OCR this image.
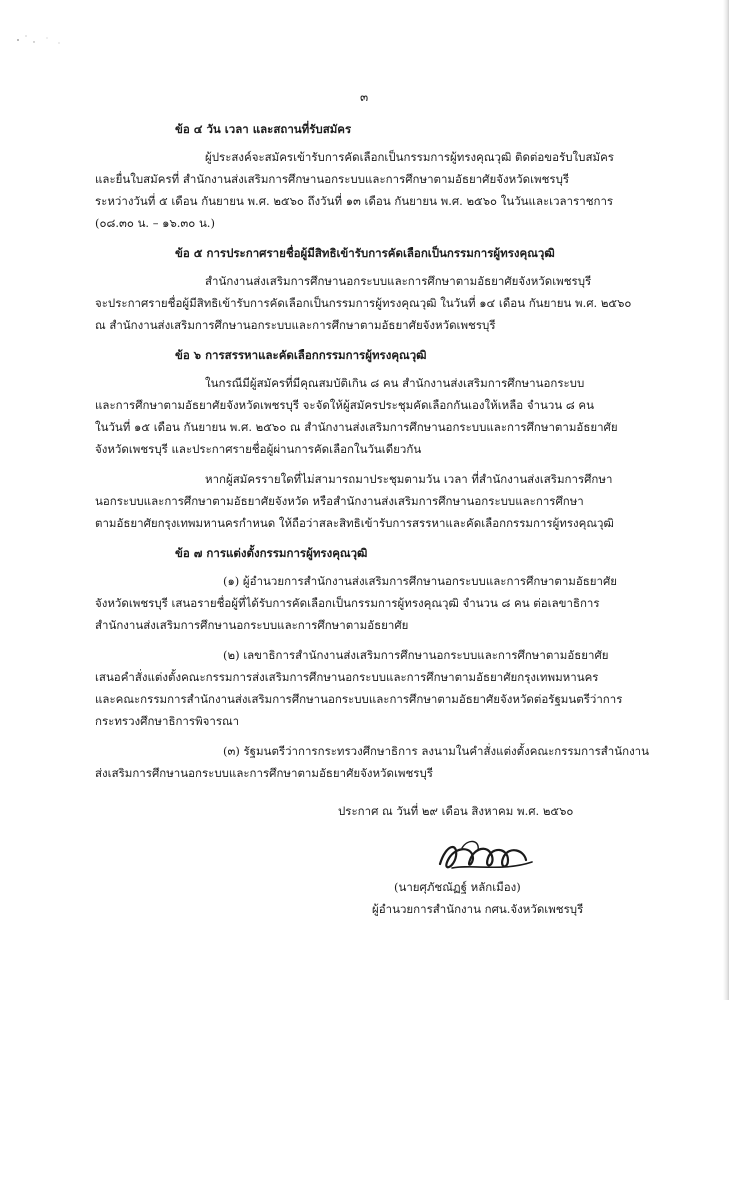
๓
ข้อ ๔ วัน เวลา และสถานที่รับสมัคร
ผู้ประสงค์จะสมัครเข้ารับการคัดเลือกเป็นกรรมการผู้ทรงคุณวุฒิ ติดต่อขอรับใบสมัคร
และยื่นใบสมัครที่ สำนักงานส่งเสริมการศึกษานอกระบบและการศึกษาตามอัธยาศัยจังหวัดเพชรบุรี
ระหว่างวันที่ ๕ เดือน กันยายน พ.ศ. ๒๕๖๐ ถึงวันที่ ๑๓ เดือน กันยายน พ.ศ. ๒๕๖๐ ในวันและเวลาราชการ
(๐๘.๓๐ น. – ๑๖.๓๐ น.)
ข้อ ๕ การประกาศรายชื่อผู้มีสิทธิเข้ารับการคัดเลือกเป็นกรรมการผู้ทรงคุณวุฒิ
สำนักงานส่งเสริมการศึกษานอกระบบและการศึกษาตามอัธยาศัยจังหวัดเพชรบุรี
จะประกาศรายชื่อผู้มีสิทธิเข้ารับการคัดเลือกเป็นกรรมการผู้ทรงคุณวุฒิ ในวันที่ ๑๔ เดือน กันยายน พ.ศ. ๒๕๖๐
ณ สำนักงานส่งเสริมการศึกษานอกระบบและการศึกษาตามอัธยาศัยจังหวัดเพชรบุรี
ข้อ ๖ การสรรหาและคัดเลือกกรรมการผู้ทรงคุณวุฒิ
ในกรณีมีผู้สมัครที่มีคุณสมบัติเกิน ๘ คน สำนักงานส่งเสริมการศึกษานอกระบบ
และการศึกษาตามอัธยาศัยจังหวัดเพชรบุรี จะจัดให้ผู้สมัครประชุมคัดเลือกกันเองให้เหลือ จำนวน ๘ คน
ในวันที่ ๑๕ เดือน กันยายน พ.ศ. ๒๕๖๐ ณ สำนักงานส่งเสริมการศึกษานอกระบบและการศึกษาตามอัธยาศัย
จังหวัดเพชรบุรี และประกาศรายชื่อผู้ผ่านการคัดเลือกในวันเดียวกัน
หากผู้สมัครรายใดที่ไม่สามารถมาประชุมตามวัน เวลา ที่สำนักงานส่งเสริมการศึกษา
นอกระบบและการศึกษาตามอัธยาศัยจังหวัด หรือสำนักงานส่งเสริมการศึกษานอกระบบและการศึกษา
ตามอัธยาศัยกรุงเทพมหานครกำหนด ให้ถือว่าสละสิทธิเข้ารับการสรรหาและคัดเลือกกรรมการผู้ทรงคุณวุฒิ
ข้อ ๗ การแต่งตั้งกรรมการผู้ทรงคุณวุฒิ
(๑) ผู้อำนวยการสำนักงานส่งเสริมการศึกษานอกระบบและการศึกษาตามอัธยาศัย
จังหวัดเพชรบุรี เสนอรายชื่อผู้ที่ได้รับการคัดเลือกเป็นกรรมการผู้ทรงคุณวุฒิ จำนวน ๘ คน ต่อเลขาธิการ
สำนักงานส่งเสริมการศึกษานอกระบบและการศึกษาตามอัธยาศัย
(๒) เลขาธิการสำนักงานส่งเสริมการศึกษานอกระบบและการศึกษาตามอัธยาศัย
เสนอคำสั่งแต่งตั้งคณะกรรมการส่งเสริมการศึกษานอกระบบและการศึกษาตามอัธยาศัยกรุงเทพมหานคร
และคณะกรรมการสำนักงานส่งเสริมการศึกษานอกระบบและการศึกษาตามอัธยาศัยจังหวัดต่อรัฐมนตรีว่าการ
กระทรวงศึกษาธิการพิจารณา
(๓) รัฐมนตรีว่าการกระทรวงศึกษาธิการ ลงนามในคำสั่งแต่งตั้งคณะกรรมการสำนักงาน
ส่งเสริมการศึกษานอกระบบและการศึกษาตามอัธยาศัยจังหวัดเพชรบุรี
ประกาศ ณ วันที่ ๒๙ เดือน สิงหาคม พ.ศ. ๒๕๖๐
(นายศุภัชณัฏฐ์ หลักเมือง)
ผู้อำนวยการสำนักงาน กศน.จังหวัดเพชรบุรี
